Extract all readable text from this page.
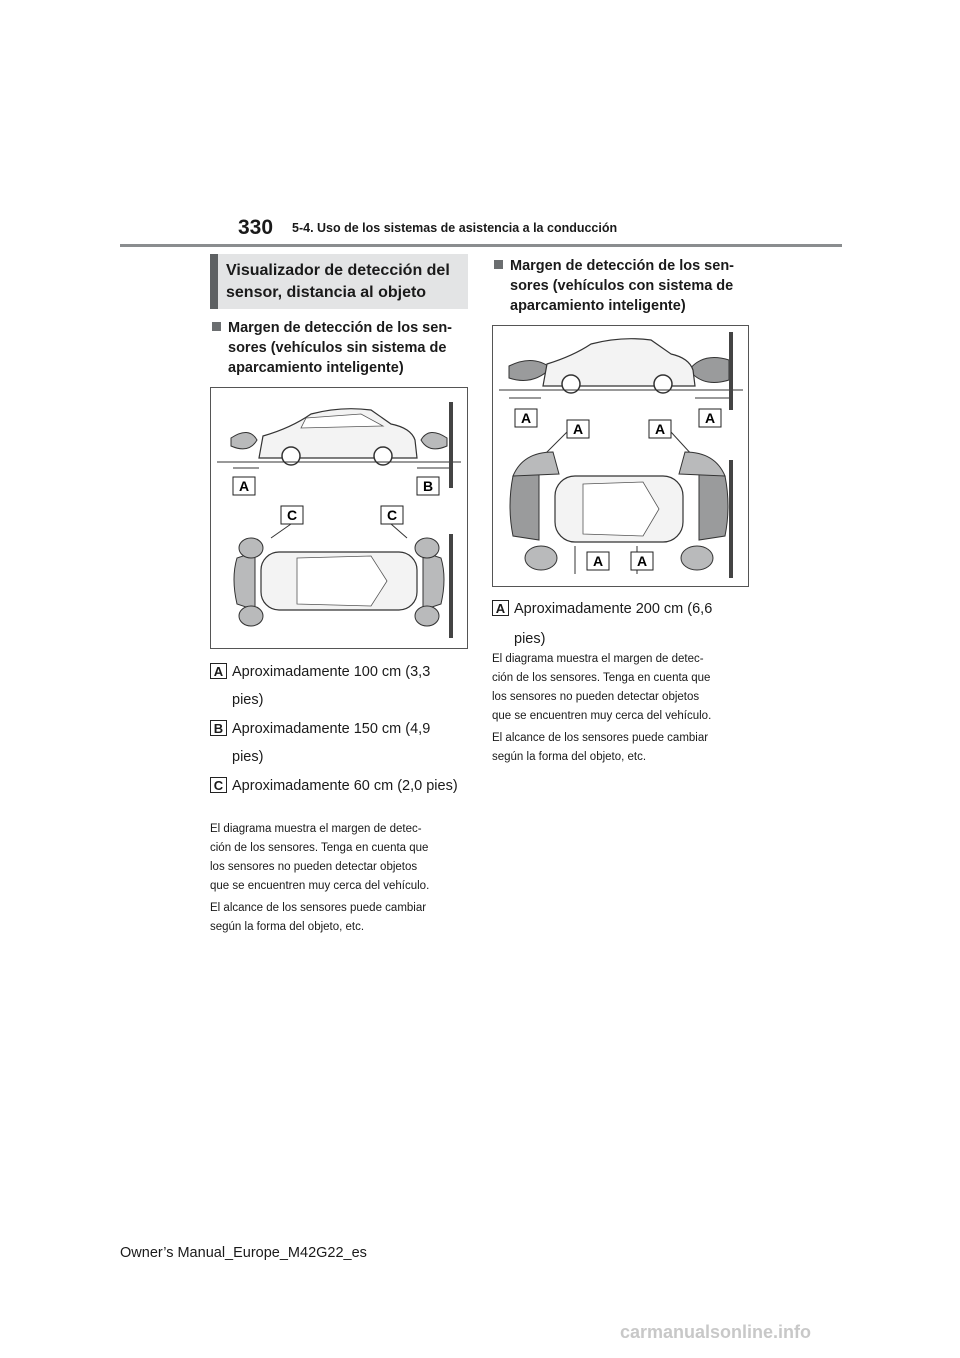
330 5-4. Uso de los sistemas de asistencia a la conducción
Visualizador de detección del
sensor, distancia al objeto
Margen de detección de los sen-
sores (vehículos sin sistema de
aparcamiento inteligente)
A	B
C	C
A Aproximadamente 100 cm (3,3
pies)
B Aproximadamente 150 cm (4,9
pies)
C Aproximadamente 60 cm (2,0 pies)
El diagrama muestra el margen de detec-
ción de los sensores. Tenga en cuenta que
los sensores no pueden detectar objetos
que se encuentren muy cerca del vehículo.
El alcance de los sensores puede cambiar
según la forma del objeto, etc.
Margen de detección de los sen-
sores (vehículos con sistema de
aparcamiento inteligente)
A	A
A	A
A A
A Aproximadamente 200 cm (6,6
pies)
El diagrama muestra el margen de detec-
ción de los sensores. Tenga en cuenta que
los sensores no pueden detectar objetos
que se encuentren muy cerca del vehículo.
El alcance de los sensores puede cambiar
según la forma del objeto, etc.
Owner’s Manual_Europe_M42G22_es
carmanualsonline.info
